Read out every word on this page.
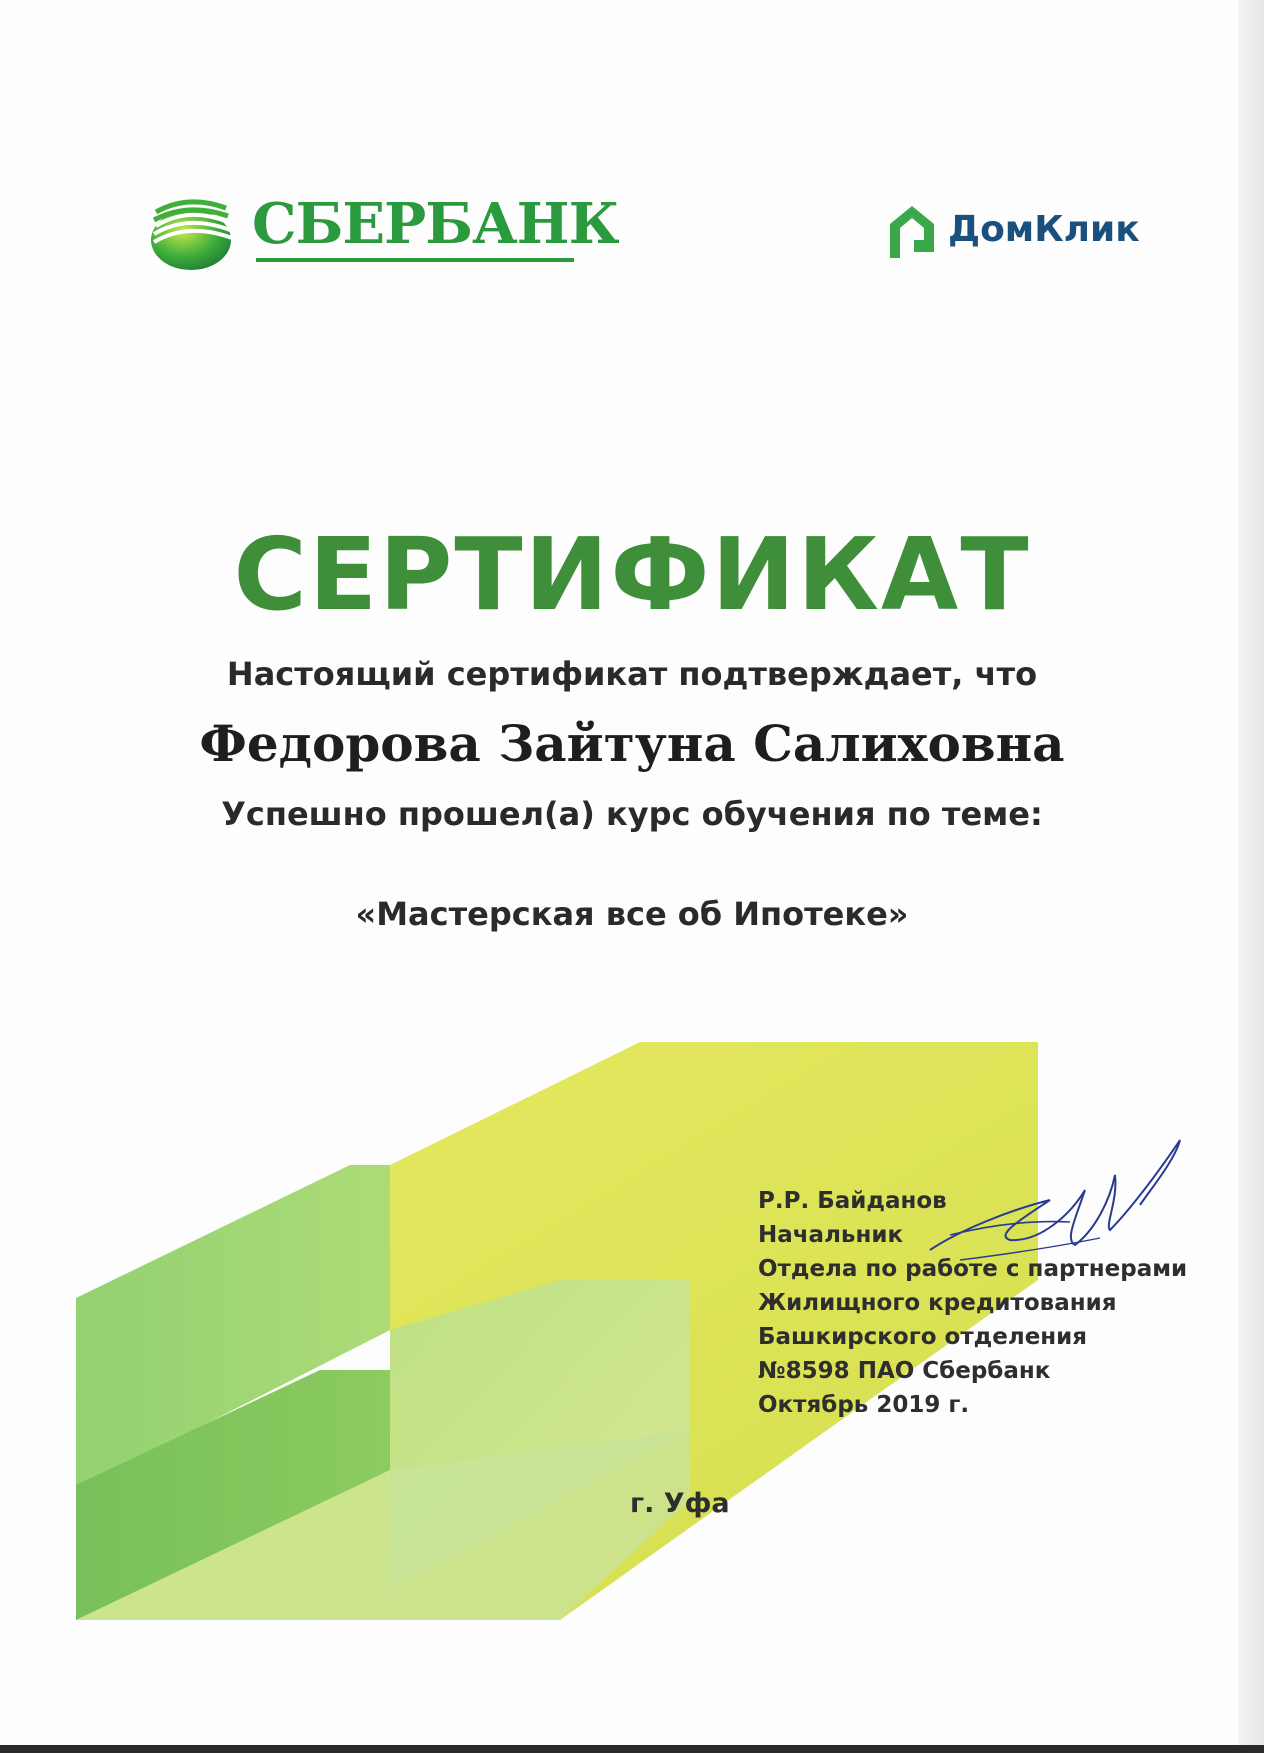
СБЕРБАНК	ДомКлик
СЕРТИФИКАТ
Настоящий сертификат подтверждает, что
Федорова Зайтуна Салиховна
Успешно прошел(а) курс обучения по теме:
«Мастерская все об Ипотеке»
Р.Р. Байданов
Начальник
Отдела по работе с партнерами
Жилищного кредитования
Башкирского отделения
№8598 ПАО Сбербанк
Октябрь 2019 г.
г. Уфа
